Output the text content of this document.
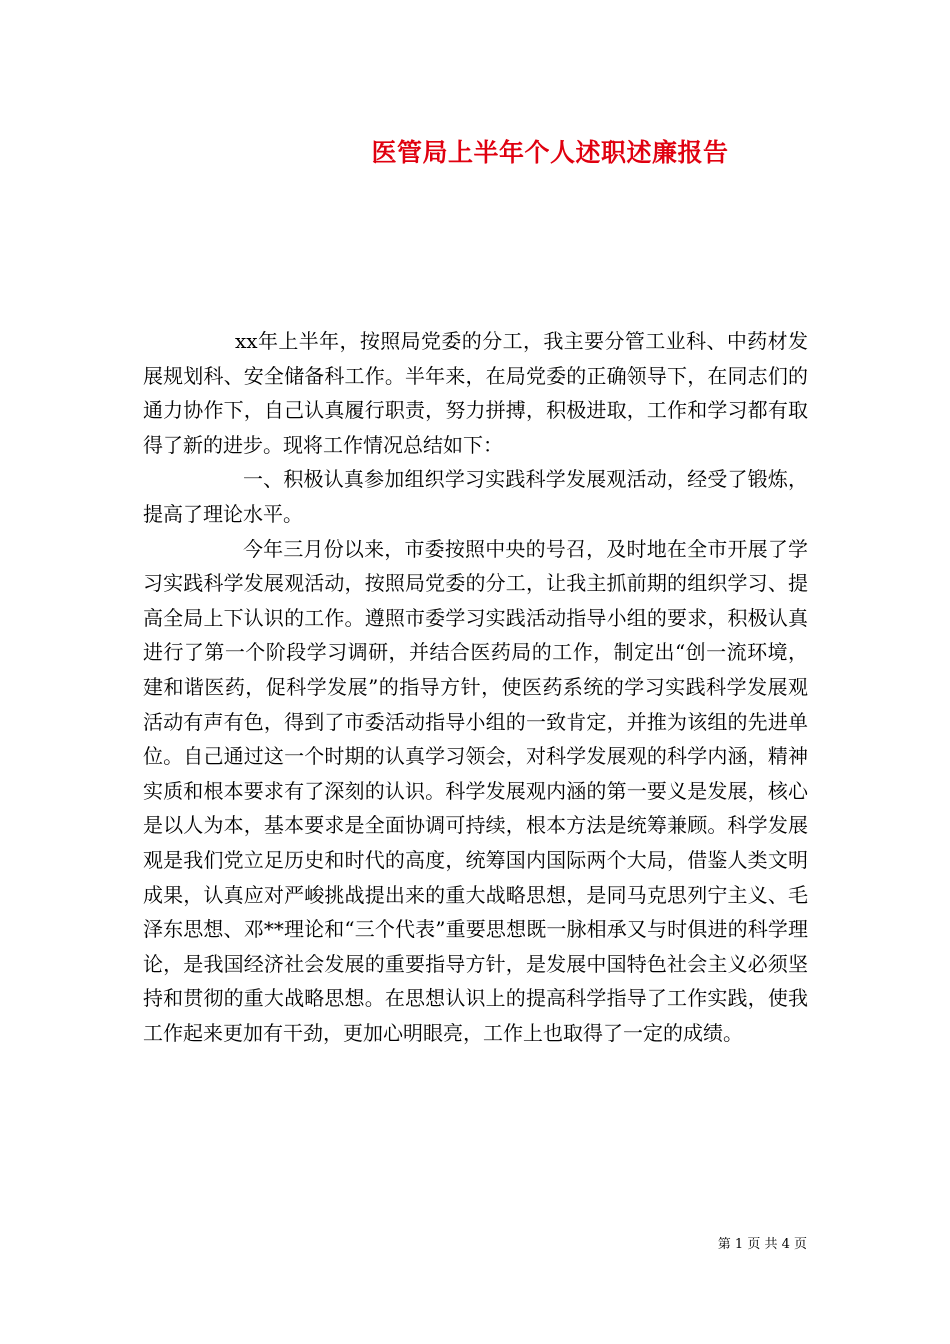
医管局上半年个人述职述廉报告

xx年上半年，按照局党委的分工，我主要分管工业科、中药材发展规划科、安全储备科工作。半年来，在局党委的正确领导下，在同志们的通力协作下，自己认真履行职责，努力拼搏，积极进取，工作和学习都有取得了新的进步。现将工作情况总结如下：

一、积极认真参加组织学习实践科学发展观活动，经受了锻炼，提高了理论水平。

今年三月份以来，市委按照中央的号召，及时地在全市开展了学习实践科学发展观活动，按照局党委的分工，让我主抓前期的组织学习、提高全局上下认识的工作。遵照市委学习实践活动指导小组的要求，积极认真进行了第一个阶段学习调研，并结合医药局的工作，制定出“创一流环境，建和谐医药，促科学发展”的指导方针，使医药系统的学习实践科学发展观活动有声有色，得到了市委活动指导小组的一致肯定，并推为该组的先进单位。自己通过这一个时期的认真学习领会，对科学发展观的科学内涵，精神实质和根本要求有了深刻的认识。科学发展观内涵的第一要义是发展，核心是以人为本，基本要求是全面协调可持续，根本方法是统筹兼顾。科学发展观是我们党立足历史和时代的高度，统筹国内国际两个大局，借鉴人类文明成果，认真应对严峻挑战提出来的重大战略思想，是同马克思列宁主义、毛泽东思想、邓**理论和“三个代表”重要思想既一脉相承又与时俱进的科学理论，是我国经济社会发展的重要指导方针，是发展中国特色社会主义必须坚持和贯彻的重大战略思想。在思想认识上的提高科学指导了工作实践，使我工作起来更加有干劲，更加心明眼亮，工作上也取得了一定的成绩。

第 1 页 共 4 页
